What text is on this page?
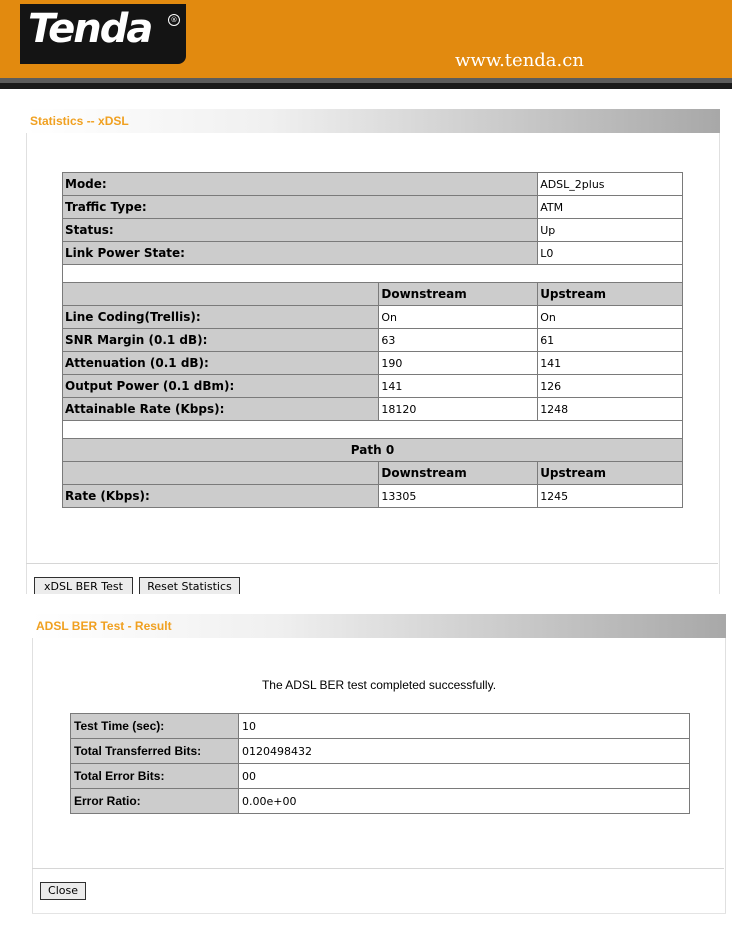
Tenda	®
www.tenda.cn
Statistics -- xDSL
Mode:		ADSL_2plus
Traffic Type:		ATM
Status:		Up
Link Power State:		L0

	Downstream	Upstream
Line Coding(Trellis):	On	On
SNR Margin (0.1 dB):	63	61
Attenuation (0.1 dB):	190	141
Output Power (0.1 dBm):	141	126
Attainable Rate (Kbps):	18120	1248

Path 0		
	Downstream	Upstream
Rate (Kbps):	13305	1245
xDSL BER Test	Reset Statistics
ADSL BER Test - Result
The ADSL BER test completed successfully.
Test Time (sec):	10
Total Transferred Bits:	0120498432
Total Error Bits:	00
Error Ratio:	0.00e+00
Close
